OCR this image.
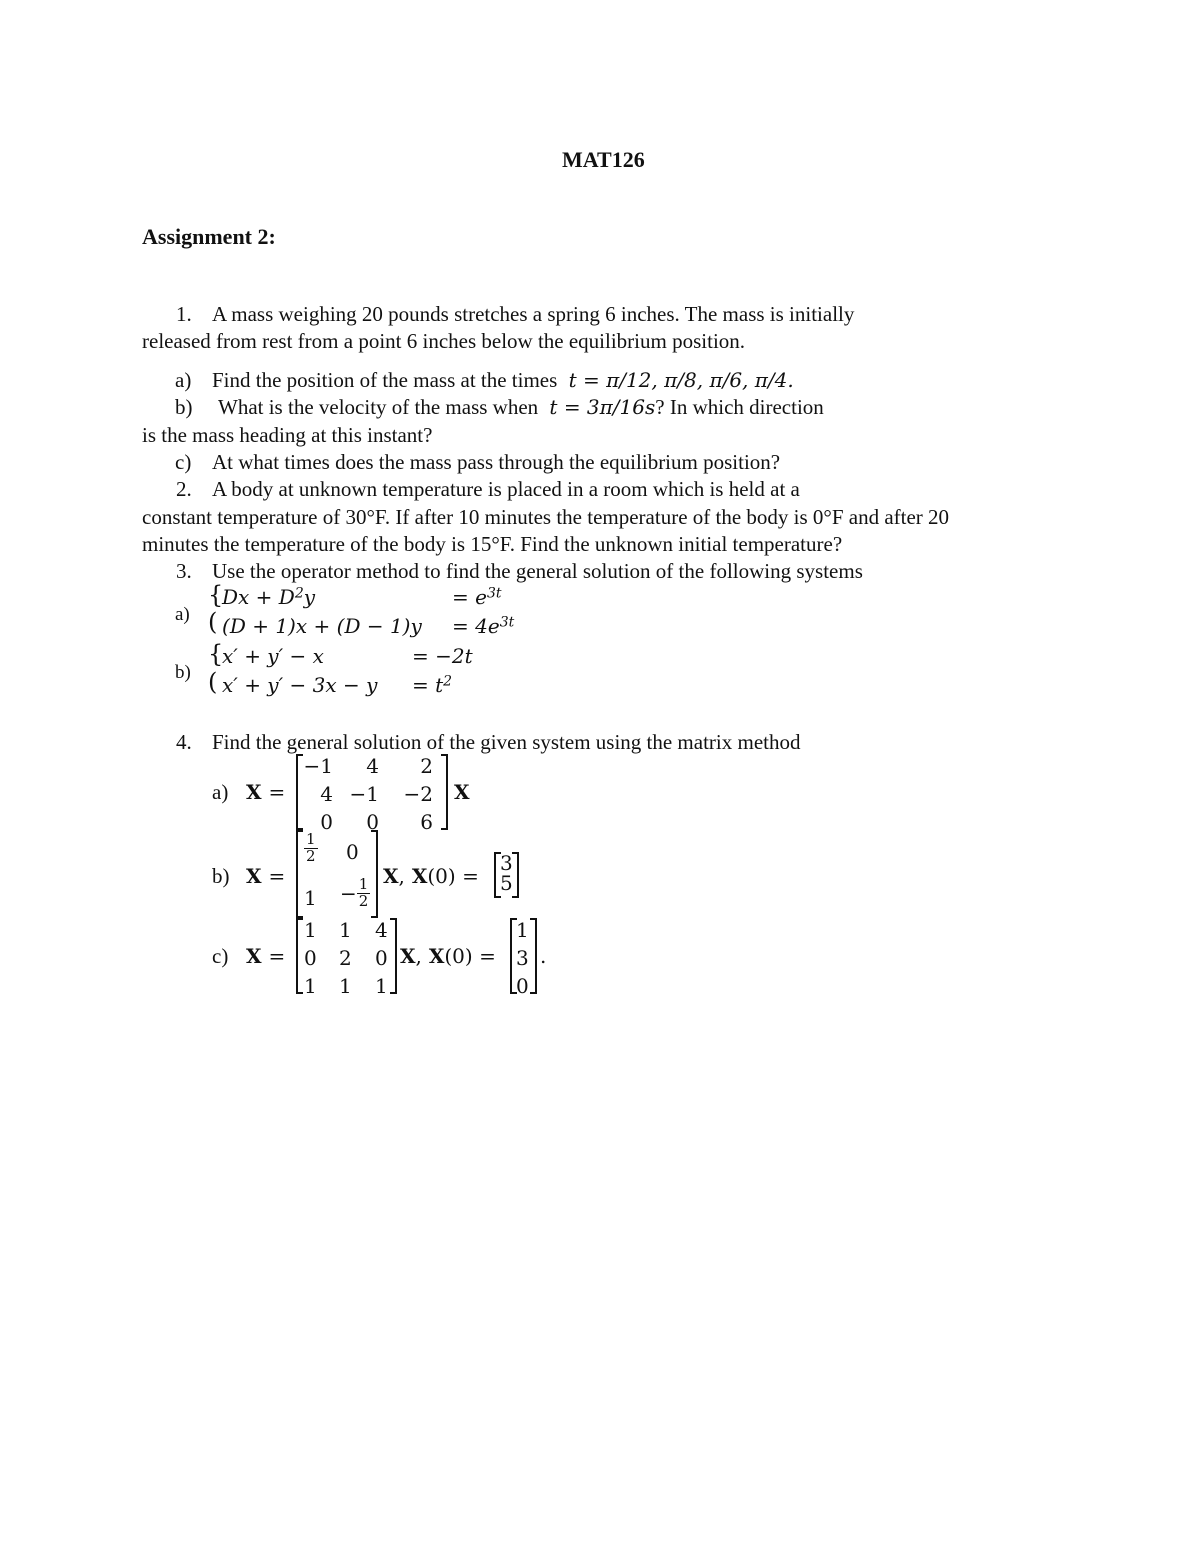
MAT126
Assignment 2:
1. A mass weighing 20 pounds stretches a spring 6 inches. The mass is initially
released from rest from a point 6 inches below the equilibrium position.
a) Find the position of the mass at the times t = π/12, π/8, π/6, π/4.
b) What is the velocity of the mass when t = 3π/16s? In which direction
is the mass heading at this instant?
c) At what times does the mass pass through the equilibrium position?
2. A body at unknown temperature is placed in a room which is held at a
constant temperature of 30°F. If after 10 minutes the temperature of the body is 0°F and after 20
minutes the temperature of the body is 15°F. Find the unknown initial temperature?
3. Use the operator method to find the general solution of the following systems
a)
{
(
$Dx + D^2y$	= $e^{3t}$
$(D + 1)x + (D - 1)y = 4e^{3t}$
b)
{
(
x′ + y′ − x	= −2t
$x' + y' - 3x - y = t^2$
4. Find the general solution of the given system using the matrix method
a) X =
−1 4 2
4 −1 −2
0 0 6
X
b) X =
$\frac{1}{2} 0$
$1 - \frac{1}{2}$
X, X(0) =
3
5
c) X =
1 1 4
0 2 0
1 1 1
X, X(0) =
1
3
0
.
